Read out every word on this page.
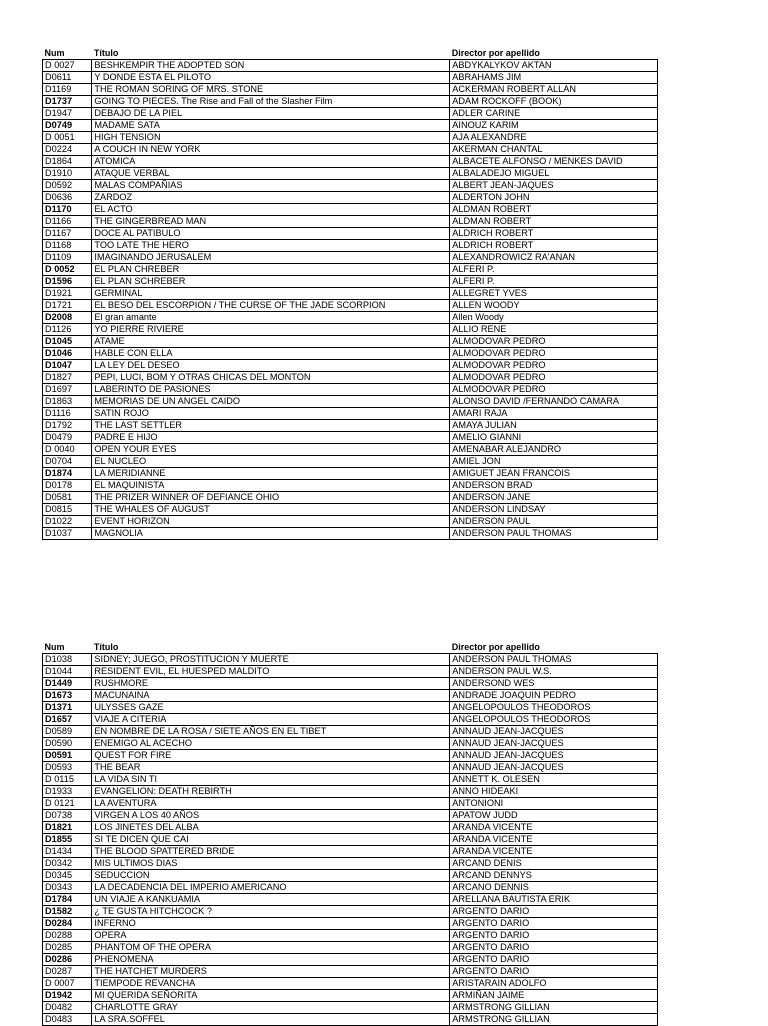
Num	Título	Director por apellido
D 0027	BESHKEMPIR THE ADOPTED SON	ABDYKALYKOV AKTAN
D0611	Y DONDE ESTA EL PILOTO	ABRAHAMS JIM
D1169	THE ROMAN SORING OF MRS. STONE	ACKERMAN ROBERT ALLAN
D1737	GOING TO PIECES. The Rise and Fall of the Slasher Film	ADAM ROCKOFF (BOOK)
D1947	DEBAJO DE LA PIEL	ADLER CARINE
D0749	MADAME SATA	AINOUZ KARIM
D 0051	HIGH TENSION	AJA ALEXANDRE
D0224	A COUCH IN NEW YORK	AKERMAN CHANTAL
D1864	ATOMICA	ALBACETE ALFONSO / MENKES DAVID
D1910	ATAQUE VERBAL	ALBALADEJO MIGUEL
D0592	MALAS COMPAÑIAS	ALBERT JEAN-JAQUES
D0636	ZARDOZ	ALDERTON JOHN
D1170	EL ACTO	ALDMAN ROBERT
D1166	THE GINGERBREAD MAN	ALDMAN ROBERT
D1167	DOCE AL PATIBULO	ALDRICH ROBERT
D1168	TOO LATE THE HERO	ALDRICH ROBERT
D1109	IMAGINANDO JERUSALEM	ALEXANDROWICZ RA'ANAN
D 0052	EL PLAN CHREBER	ALFERI P.
D1596	EL PLAN SCHREBER	ALFERI P.
D1921	GERMINAL	ALLEGRET YVES
D1721	EL BESO DEL ESCORPION / THE CURSE OF THE JADE SCORPION	ALLEN WOODY
D2008	El gran amante	Allen Woody
D1126	YO PIERRE RIVIERE	ALLIO RENE
D1045	ATAME	ALMODOVAR PEDRO
D1046	HABLE CON ELLA	ALMODOVAR PEDRO
D1047	LA LEY DEL DESEO	ALMODOVAR PEDRO
D1827	PEPI, LUCI, BOM Y OTRAS CHICAS DEL MONTON	ALMODOVAR PEDRO
D1697	LABERINTO DE PASIONES	ALMODOVAR PEDRO
D1863	MEMORIAS DE UN ANGEL CAIDO	ALONSO DAVID /FERNANDO CAMARA
D1116	SATIN ROJO	AMARI RAJA
D1792	THE LAST SETTLER	AMAYA JULIAN
D0479	PADRE E HIJO	AMELIO GIANNI
D 0040	OPEN YOUR EYES	AMENABAR ALEJANDRO
D0704	EL NUCLEO	AMIEL JON
D1874	LA MERIDIANNE	AMIGUET JEAN FRANCOIS
D0178	EL MAQUINISTA	ANDERSON BRAD
D0581	THE PRIZER WINNER OF DEFIANCE OHIO	ANDERSON JANE
D0815	THE WHALES OF AUGUST	ANDERSON LINDSAY
D1022	EVENT HORIZON	ANDERSON PAUL
D1037	MAGNOLIA	ANDERSON PAUL THOMAS
Num	Título	Director por apellido
D1038	SIDNEY; JUEGO, PROSTITUCION Y MUERTE	ANDERSON PAUL THOMAS
D1044	RESIDENT EVIL, EL HUESPED MALDITO	ANDERSON PAUL W.S.
D1449	RUSHMORE	ANDERSOND WES
D1673	MACUNAINA	ANDRADE JOAQUIN PEDRO
D1371	ULYSSES GAZE	ANGELOPOULOS THEODOROS
D1657	VIAJE A CITERIA	ANGELOPOULOS THEODOROS
D0589	EN NOMBRE DE LA ROSA / SIETE AÑOS EN EL TIBET	ANNAUD JEAN-JACQUES
D0590	ENEMIGO AL ACECHO	ANNAUD JEAN-JACQUES
D0591	QUEST FOR FIRE	ANNAUD JEAN-JACQUES
D0593	THE BEAR	ANNAUD JEAN-JACQUES
D 0115	LA VIDA SIN TI	ANNETT K. OLESEN
D1933	EVANGELION: DEATH REBIRTH	ANNO HIDEAKI
D 0121	LA AVENTURA	ANTONIONI
D0738	VIRGEN A LOS 40 AÑOS	APATOW JUDD
D1821	LOS JINETES DEL ALBA	ARANDA VICENTE
D1855	SI TE DICEN QUE CAI	ARANDA VICENTE
D1434	THE BLOOD SPATTERED BRIDE	ARANDA VICENTE
D0342	MIS ULTIMOS DIAS	ARCAND DENIS
D0345	SEDUCCION	ARCAND DENNYS
D0343	LA DECADENCIA DEL IMPERIO AMERICANO	ARCANO DENNIS
D1784	UN VIAJE A KANKUAMIA	ARELLANA BAUTISTA ERIK
D1582	¿ TE GUSTA HITCHCOCK ?	ARGENTO DARIO
D0284	INFERNO	ARGENTO DARIO
D0288	OPERA	ARGENTO DARIO
D0285	PHANTOM OF THE OPERA	ARGENTO DARIO
D0286	PHENOMENA	ARGENTO DARIO
D0287	THE HATCHET MURDERS	ARGENTO DARIO
D 0007	TIEMPODE REVANCHA	ARISTARAIN ADOLFO
D1942	MI QUERIDA SEÑORITA	ARMIÑAN JAIME
D0482	CHARLOTTE GRAY	ARMSTRONG GILLIAN
D0483	LA SRA.SOFFEL	ARMSTRONG GILLIAN
